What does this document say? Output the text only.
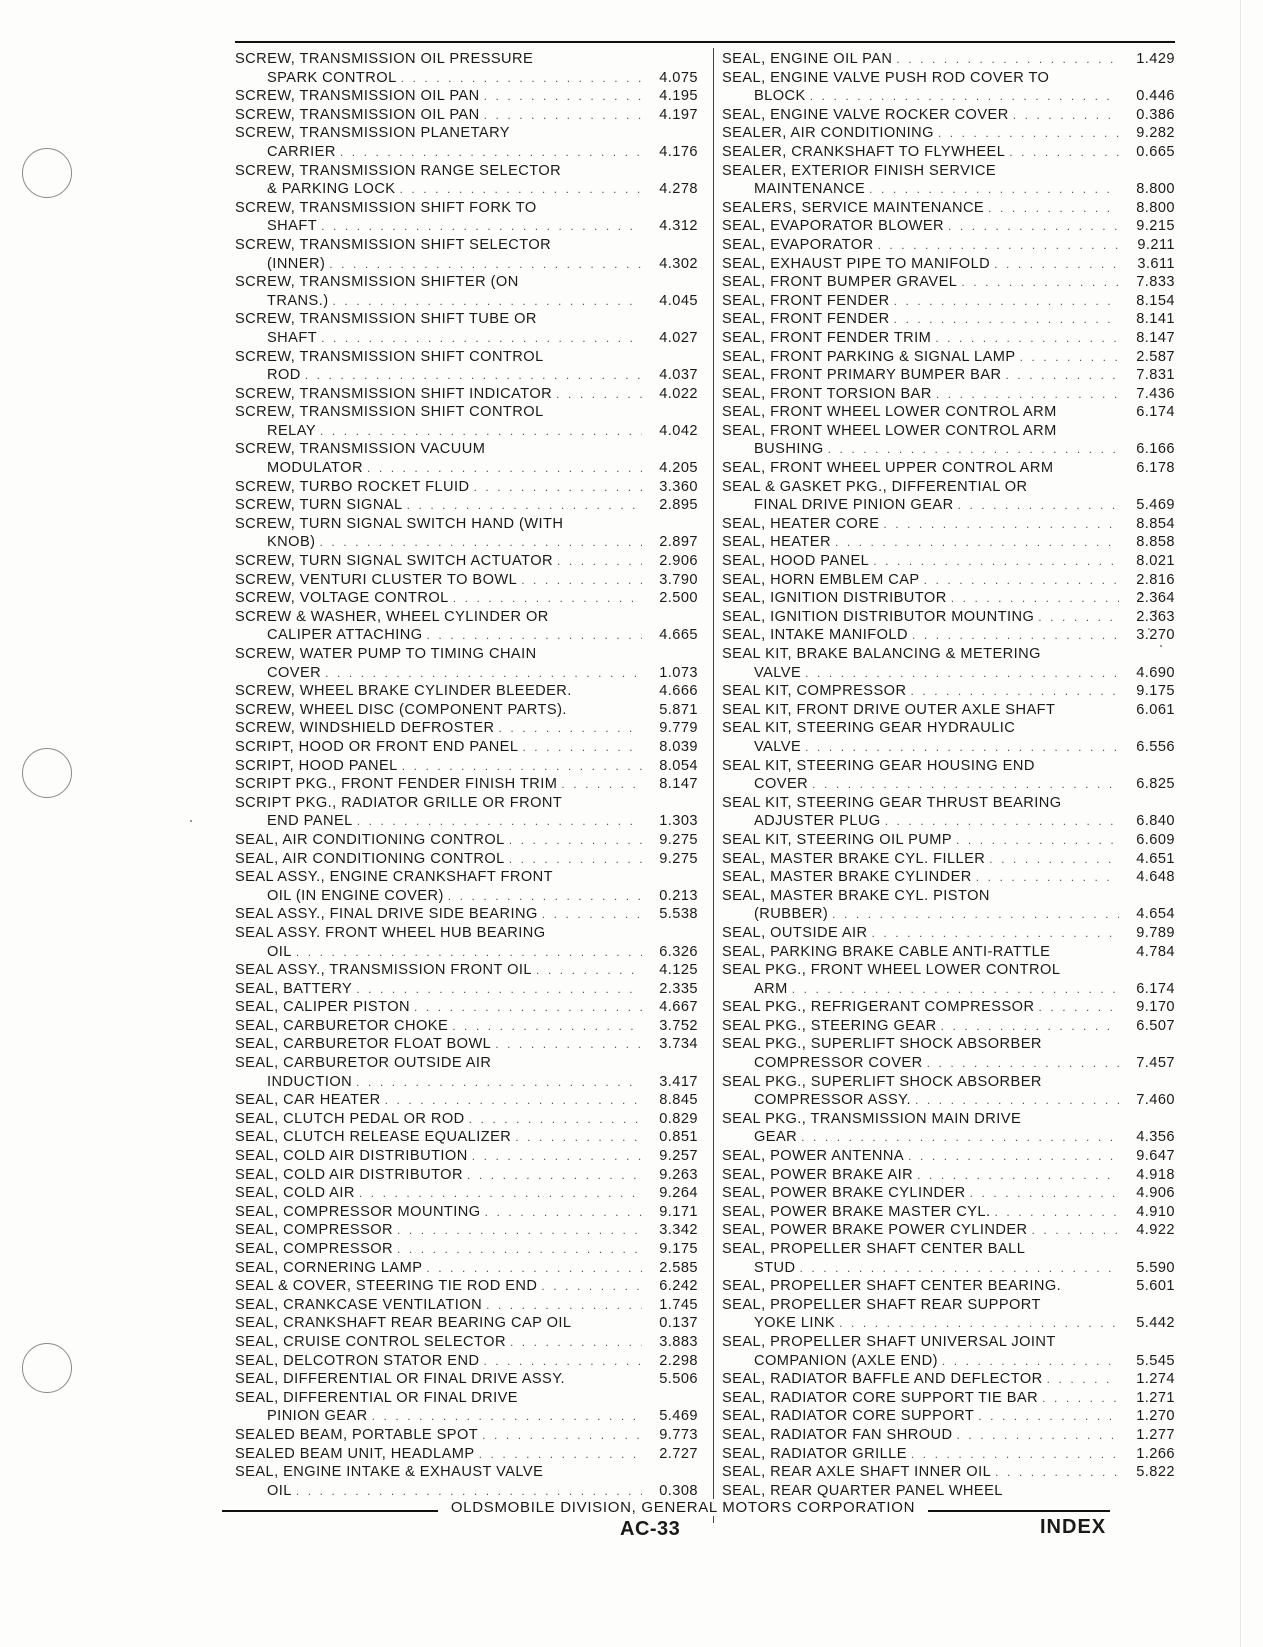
SCREW, TRANSMISSION OIL PRESSURE
SPARK CONTROL . . .	4.075
SCREW, TRANSMISSION OIL PAN . . .	4.195
SCREW, TRANSMISSION OIL PAN . . .	4.197
SCREW, TRANSMISSION PLANETARY
CARRIER . . .	4.176
SCREW, TRANSMISSION RANGE SELECTOR
& PARKING LOCK . . .	4.278
SCREW, TRANSMISSION SHIFT FORK TO
SHAFT . . .	4.312
SCREW, TRANSMISSION SHIFT SELECTOR
(INNER) . . .	4.302
SCREW, TRANSMISSION SHIFTER (ON
TRANS.) . . .	4.045
SCREW, TRANSMISSION SHIFT TUBE OR
SHAFT . . .	4.027
SCREW, TRANSMISSION SHIFT CONTROL
ROD . . .	4.037
SCREW, TRANSMISSION SHIFT INDICATOR . . .	4.022
SCREW, TRANSMISSION SHIFT CONTROL
RELAY . . .	4.042
SCREW, TRANSMISSION VACUUM
MODULATOR . . .	4.205
SCREW, TURBO ROCKET FLUID . . .	3.360
SCREW, TURN SIGNAL . . .	2.895
SCREW, TURN SIGNAL SWITCH HAND (WITH
KNOB) . . .	2.897
SCREW, TURN SIGNAL SWITCH ACTUATOR . . .	2.906
SCREW, VENTURI CLUSTER TO BOWL . . .	3.790
SCREW, VOLTAGE CONTROL . . .	2.500
SCREW & WASHER, WHEEL CYLINDER OR
CALIPER ATTACHING . . .	4.665
SCREW, WATER PUMP TO TIMING CHAIN
COVER . . .	1.073
SCREW, WHEEL BRAKE CYLINDER BLEEDER.	4.666
SCREW, WHEEL DISC (COMPONENT PARTS).	5.871
SCREW, WINDSHIELD DEFROSTER . . .	9.779
SCRIPT, HOOD OR FRONT END PANEL . . .	8.039
SCRIPT, HOOD PANEL . . .	8.054
SCRIPT PKG., FRONT FENDER FINISH TRIM . . .	8.147
SCRIPT PKG., RADIATOR GRILLE OR FRONT
END PANEL . . .	1.303
SEAL, AIR CONDITIONING CONTROL . . .	9.275
SEAL, AIR CONDITIONING CONTROL . . .	9.275
SEAL ASSY., ENGINE CRANKSHAFT FRONT
OIL (IN ENGINE COVER) . . .	0.213
SEAL ASSY., FINAL DRIVE SIDE BEARING . . .	5.538
SEAL ASSY. FRONT WHEEL HUB BEARING
OIL . . .	6.326
SEAL ASSY., TRANSMISSION FRONT OIL . . .	4.125
SEAL, BATTERY . . .	2.335
SEAL, CALIPER PISTON . . .	4.667
SEAL, CARBURETOR CHOKE . . .	3.752
SEAL, CARBURETOR FLOAT BOWL . . .	3.734
SEAL, CARBURETOR OUTSIDE AIR
INDUCTION . . .	3.417
SEAL, CAR HEATER . . .	8.845
SEAL, CLUTCH PEDAL OR ROD . . .	0.829
SEAL, CLUTCH RELEASE EQUALIZER . . .	0.851
SEAL, COLD AIR DISTRIBUTION . . .	9.257
SEAL, COLD AIR DISTRIBUTOR . . .	9.263
SEAL, COLD AIR . . .	9.264
SEAL, COMPRESSOR MOUNTING . . .	9.171
SEAL, COMPRESSOR . . .	3.342
SEAL, COMPRESSOR . . .	9.175
SEAL, CORNERING LAMP . . .	2.585
SEAL & COVER, STEERING TIE ROD END . . .	6.242
SEAL, CRANKCASE VENTILATION . . .	1.745
SEAL, CRANKSHAFT REAR BEARING CAP OIL	0.137
SEAL, CRUISE CONTROL SELECTOR . . .	3.883
SEAL, DELCOTRON STATOR END . . .	2.298
SEAL, DIFFERENTIAL OR FINAL DRIVE ASSY.	5.506
SEAL, DIFFERENTIAL OR FINAL DRIVE
PINION GEAR . . .	5.469
SEALED BEAM, PORTABLE SPOT . . .	9.773
SEALED BEAM UNIT, HEADLAMP . . .	2.727
SEAL, ENGINE INTAKE & EXHAUST VALVE
OIL . . .	0.308
SEAL, ENGINE OIL PAN . . .	1.429
SEAL, ENGINE VALVE PUSH ROD COVER TO
BLOCK . . .	0.446
SEAL, ENGINE VALVE ROCKER COVER . . .	0.386
SEALER, AIR CONDITIONING . . .	9.282
SEALER, CRANKSHAFT TO FLYWHEEL . . .	0.665
SEALER, EXTERIOR FINISH SERVICE
MAINTENANCE . . .	8.800
SEALERS, SERVICE MAINTENANCE . . .	8.800
SEAL, EVAPORATOR BLOWER . . .	9.215
SEAL, EVAPORATOR . . .	9.211
SEAL, EXHAUST PIPE TO MANIFOLD . . .	3.611
SEAL, FRONT BUMPER GRAVEL . . .	7.833
SEAL, FRONT FENDER . . .	8.154
SEAL, FRONT FENDER . . .	8.141
SEAL, FRONT FENDER TRIM . . .	8.147
SEAL, FRONT PARKING & SIGNAL LAMP . . .	2.587
SEAL, FRONT PRIMARY BUMPER BAR . . .	7.831
SEAL, FRONT TORSION BAR . . .	7.436
SEAL, FRONT WHEEL LOWER CONTROL ARM	6.174
SEAL, FRONT WHEEL LOWER CONTROL ARM
BUSHING . . .	6.166
SEAL, FRONT WHEEL UPPER CONTROL ARM	6.178
SEAL & GASKET PKG., DIFFERENTIAL OR
FINAL DRIVE PINION GEAR . . .	5.469
SEAL, HEATER CORE . . .	8.854
SEAL, HEATER . . .	8.858
SEAL, HOOD PANEL . . .	8.021
SEAL, HORN EMBLEM CAP . . .	2.816
SEAL, IGNITION DISTRIBUTOR . . .	2.364
SEAL, IGNITION DISTRIBUTOR MOUNTING . . .	2.363
SEAL, INTAKE MANIFOLD . . .	3.270
SEAL KIT, BRAKE BALANCING & METERING
VALVE . . .	4.690
SEAL KIT, COMPRESSOR . . .	9.175
SEAL KIT, FRONT DRIVE OUTER AXLE SHAFT	6.061
SEAL KIT, STEERING GEAR HYDRAULIC
VALVE . . .	6.556
SEAL KIT, STEERING GEAR HOUSING END
COVER . . .	6.825
SEAL KIT, STEERING GEAR THRUST BEARING
ADJUSTER PLUG . . .	6.840
SEAL KIT, STEERING OIL PUMP . . .	6.609
SEAL, MASTER BRAKE CYL. FILLER . . .	4.651
SEAL, MASTER BRAKE CYLINDER . . .	4.648
SEAL, MASTER BRAKE CYL. PISTON
(RUBBER) . . .	4.654
SEAL, OUTSIDE AIR . . .	9.789
SEAL, PARKING BRAKE CABLE ANTI-RATTLE	4.784
SEAL PKG., FRONT WHEEL LOWER CONTROL
ARM . . .	6.174
SEAL PKG., REFRIGERANT COMPRESSOR . . .	9.170
SEAL PKG., STEERING GEAR . . .	6.507
SEAL PKG., SUPERLIFT SHOCK ABSORBER
COMPRESSOR COVER . . .	7.457
SEAL PKG., SUPERLIFT SHOCK ABSORBER
COMPRESSOR ASSY. . . .	7.460
SEAL PKG., TRANSMISSION MAIN DRIVE
GEAR . . .	4.356
SEAL, POWER ANTENNA . . .	9.647
SEAL, POWER BRAKE AIR . . .	4.918
SEAL, POWER BRAKE CYLINDER . . .	4.906
SEAL, POWER BRAKE MASTER CYL. . . .	4.910
SEAL, POWER BRAKE POWER CYLINDER . . .	4.922
SEAL, PROPELLER SHAFT CENTER BALL
STUD . . .	5.590
SEAL, PROPELLER SHAFT CENTER BEARING.	5.601
SEAL, PROPELLER SHAFT REAR SUPPORT
YOKE LINK . . .	5.442
SEAL, PROPELLER SHAFT UNIVERSAL JOINT
COMPANION (AXLE END) . . .	5.545
SEAL, RADIATOR BAFFLE AND DEFLECTOR . . .	1.274
SEAL, RADIATOR CORE SUPPORT TIE BAR . . .	1.271
SEAL, RADIATOR CORE SUPPORT . . .	1.270
SEAL, RADIATOR FAN SHROUD . . .	1.277
SEAL, RADIATOR GRILLE . . .	1.266
SEAL, REAR AXLE SHAFT INNER OIL . . .	5.822
SEAL, REAR QUARTER PANEL WHEEL
OLDSMOBILE DIVISION, GENERAL MOTORS CORPORATION
AC-33	INDEX
